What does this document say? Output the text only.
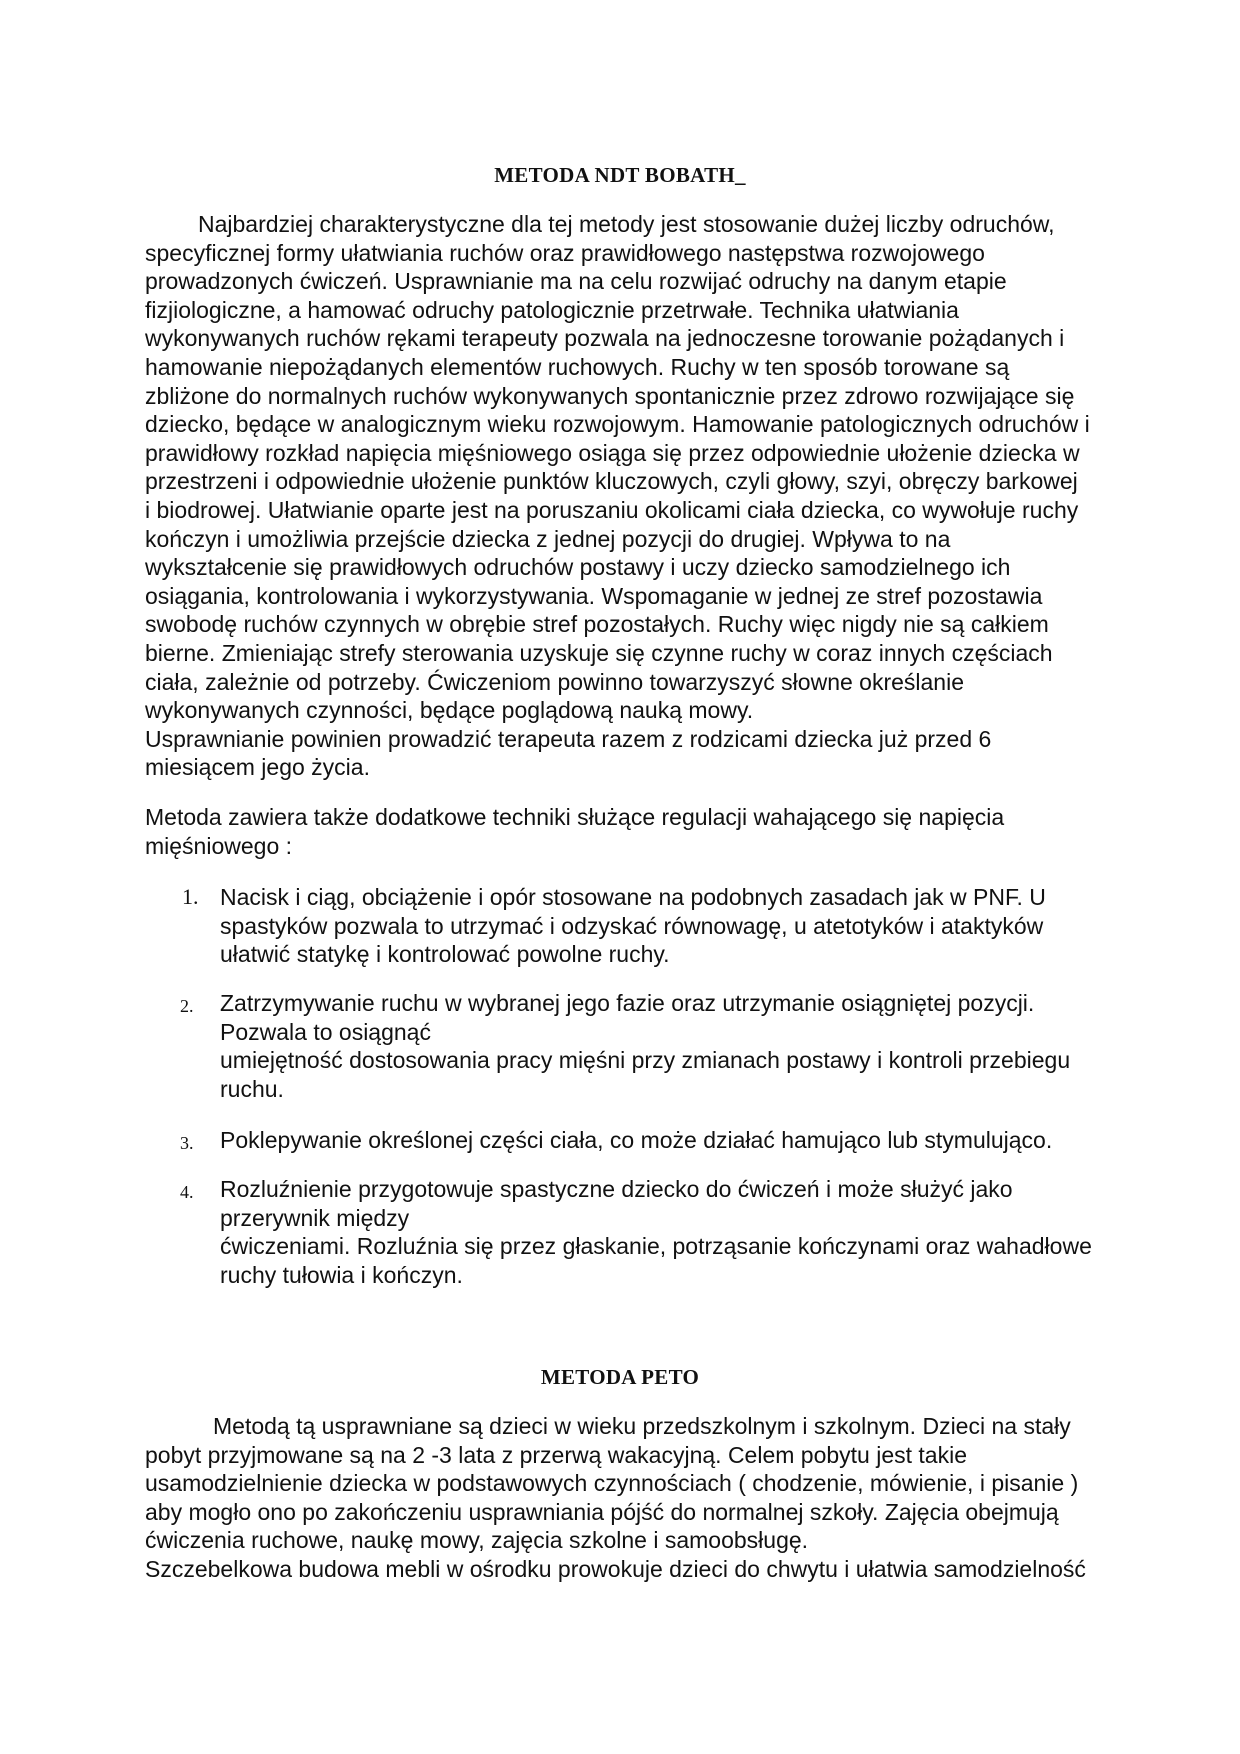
METODA NDT BOBATH_
Najbardziej charakterystyczne dla tej metody jest stosowanie dużej liczby odruchów,
specyficznej formy ułatwiania ruchów oraz prawidłowego następstwa rozwojowego
prowadzonych ćwiczeń. Usprawnianie ma na celu rozwijać odruchy na danym etapie
fizjiologiczne, a hamować odruchy patologicznie przetrwałe. Technika ułatwiania
wykonywanych ruchów rękami terapeuty pozwala na jednoczesne torowanie pożądanych i
hamowanie niepożądanych elementów ruchowych. Ruchy w ten sposób torowane są
zbliżone do normalnych ruchów wykonywanych spontanicznie przez zdrowo rozwijające się
dziecko, będące w analogicznym wieku rozwojowym. Hamowanie patologicznych odruchów i
prawidłowy rozkład napięcia mięśniowego osiąga się przez odpowiednie ułożenie dziecka w
przestrzeni i odpowiednie ułożenie punktów kluczowych, czyli głowy, szyi, obręczy barkowej
i biodrowej. Ułatwianie oparte jest na poruszaniu okolicami ciała dziecka, co wywołuje ruchy
kończyn i umożliwia przejście dziecka z jednej pozycji do drugiej. Wpływa to na
wykształcenie się prawidłowych odruchów postawy i uczy dziecko samodzielnego ich
osiągania, kontrolowania i wykorzystywania. Wspomaganie w jednej ze stref pozostawia
swobodę ruchów czynnych w obrębie stref pozostałych. Ruchy więc nigdy nie są całkiem
bierne. Zmieniając strefy sterowania uzyskuje się czynne ruchy w coraz innych częściach
ciała, zależnie od potrzeby. Ćwiczeniom powinno towarzyszyć słowne określanie
wykonywanych czynności, będące poglądową nauką mowy.
Usprawnianie powinien prowadzić terapeuta razem z rodzicami dziecka już przed 6
miesiącem jego życia.
Metoda zawiera także dodatkowe techniki służące regulacji wahającego się napięcia
mięśniowego :
1. Nacisk i ciąg, obciążenie i opór stosowane na podobnych zasadach jak w PNF. U
spastyków pozwala to utrzymać i odzyskać równowagę, u atetotyków i ataktyków
ułatwić statykę i kontrolować powolne ruchy.
2. Zatrzymywanie ruchu w wybranej jego fazie oraz utrzymanie osiągniętej pozycji.
Pozwala to osiągnąć
umiejętność dostosowania pracy mięśni przy zmianach postawy i kontroli przebiegu
ruchu.
3. Poklepywanie określonej części ciała, co może działać hamująco lub stymulująco.
4. Rozluźnienie przygotowuje spastyczne dziecko do ćwiczeń i może służyć jako
przerywnik między
ćwiczeniami. Rozluźnia się przez głaskanie, potrząsanie kończynami oraz wahadłowe
ruchy tułowia i kończyn.
METODA PETO
Metodą tą usprawniane są dzieci w wieku przedszkolnym i szkolnym. Dzieci na stały
pobyt przyjmowane są na 2 -3 lata z przerwą wakacyjną. Celem pobytu jest takie
usamodzielnienie dziecka w podstawowych czynnościach ( chodzenie, mówienie, i pisanie )
aby mogło ono po zakończeniu usprawniania pójść do normalnej szkoły. Zajęcia obejmują
ćwiczenia ruchowe, naukę mowy, zajęcia szkolne i samoobsługę.
Szczebelkowa budowa mebli w ośrodku prowokuje dzieci do chwytu i ułatwia samodzielność
